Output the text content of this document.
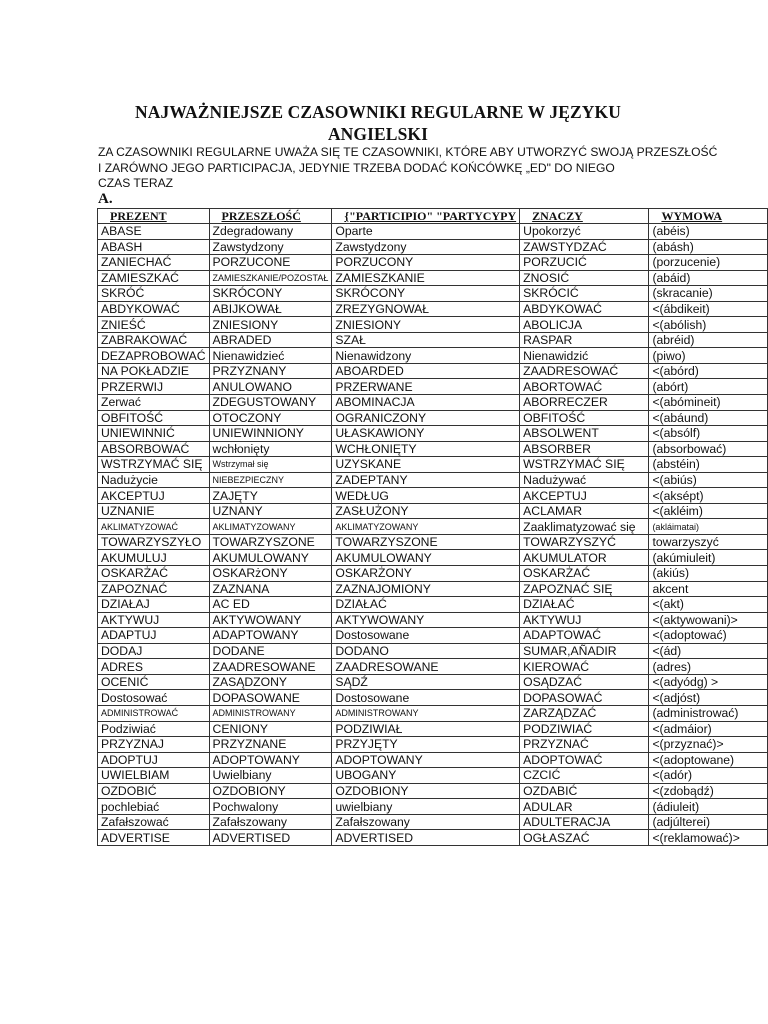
NAJWAŻNIEJSZE CZASOWNIKI REGULARNE W JĘZYKU
ANGIELSKI
ZA CZASOWNIKI REGULARNE UWAŻA SIĘ TE CZASOWNIKI, KTÓRE ABY UTWORZYĆ SWOJĄ PRZESZŁOŚĆ
I ZARÓWNO JEGO PARTICIPACJA, JEDYNIE TRZEBA DODAĆ KOŃCÓWKĘ „ED" DO NIEGO
CZAS TERAZ
A.
PREZENT	PRZESZŁOŚĆ	{"PARTICIPIO" "PARTYCYPY	ZNACZY	WYMOWA
ABASE	Zdegradowany	Oparte	Upokorzyć	(abéis)
ABASH	Zawstydzony	Zawstydzony	ZAWSTYDZAĆ	(abásh)
ZANIECHAĆ	PORZUCONE	PORZUCONY	PORZUCIĆ	(porzucenie)
ZAMIESZKAĆ	ZAMIESZKANIE/POZOSTAŁ	ZAMIESZKANIE	ZNOSIĆ	(abáid)
SKRÓĆ	SKRÓCONY	SKRÓCONY	SKRÓCIĆ	(skracanie)
ABDYKOWAĆ	ABIJKOWAŁ	ZREZYGNOWAŁ	ABDYKOWAĆ	<(ábdikeit)
ZNIEŚĆ	ZNIESIONY	ZNIESIONY	ABOLICJA	<(abólish)
ZABRAKOWAĆ	ABRADED	SZAŁ	RASPAR	(abréid)
DEZAPROBOWAĆ	Nienawidzieć	Nienawidzony	Nienawidzić	(piwo)
NA POKŁADZIE	PRZYZNANY	ABOARDED	ZAADRESOWAĆ	<(abórd)
PRZERWIJ	ANULOWANO	PRZERWANE	ABORTOWAĆ	(abórt)
Zerwać	ZDEGUSTOWANY	ABOMINACJA	ABORRECZER	<(abómineit)
OBFITOŚĆ	OTOCZONY	OGRANICZONY	OBFITOŚĆ	<(abáund)
UNIEWINNIĆ	UNIEWINNIONY	UŁASKAWIONY	ABSOLWENT	<(absólf)
ABSORBOWAĆ	wchłonięty	WCHŁONIĘTY	ABSORBER	(absorbować)
WSTRZYMAĆ SIĘ	Wstrzymał się	UZYSKANE	WSTRZYMAĆ SIĘ	(abstéin)
Nadużycie	NIEBEZPIECZNY	ZADEPTANY	Nadużywać	<(abiús)
AKCEPTUJ	ZAJĘTY	WEDŁUG	AKCEPTUJ	<(aksépt)
UZNANIE	UZNANY	ZASŁUŻONY	ACLAMAR	<(akléim)
AKLIMATYZOWAĆ	AKLIMATYZOWANY	AKLIMATYZOWANY	Zaaklimatyzować się	(akláimatai)
TOWARZYSZYŁO	TOWARZYSZONE	TOWARZYSZONE	TOWARZYSZYĆ	towarzyszyć
AKUMULUJ	AKUMULOWANY	AKUMULOWANY	AKUMULATOR	(akúmiuleit)
OSKARŻAĆ	OSKARżONY	OSKARŻONY	OSKARŻAĆ	(akiús)
ZAPOZNAĆ	ZAZNANA	ZAZNAJOMIONY	ZAPOZNAĆ SIĘ	akcent
DZIAŁAJ	AC ED	DZIAŁAĆ	DZIAŁAĆ	<(akt)
AKTYWUJ	AKTYWOWANY	AKTYWOWANY	AKTYWUJ	<(aktywowani)>
ADAPTUJ	ADAPTOWANY	Dostosowane	ADAPTOWAĆ	<(adoptować)
DODAJ	DODANE	DODANO	SUMAR,AÑADIR	<(ád)
ADRES	ZAADRESOWANE	ZAADRESOWANE	KIEROWAĆ	(adres)
OCENIĆ	ZASĄDZONY	SĄDŹ	OSĄDZAĆ	<(adyódg) >
Dostosować	DOPASOWANE	Dostosowane	DOPASOWAĆ	<(adjóst)
ADMINISTROWAĆ	ADMINISTROWANY	ADMINISTROWANY	ZARZĄDZAĆ	(administrować)
Podziwiać	CENIONY	PODZIWIAŁ	PODZIWIAĆ	<(admáior)
PRZYZNAJ	PRZYZNANE	PRZYJĘTY	PRZYZNAĆ	<(przyznać)>
ADOPTUJ	ADOPTOWANY	ADOPTOWANY	ADOPTOWAĆ	<(adoptowane)
UWIELBIAM	Uwielbiany	UBOGANY	CZCIĆ	<(adór)
OZDOBIĆ	OZDOBIONY	OZDOBIONY	OZDABIĆ	<(zdobądź)
pochlebiać	Pochwalony	uwielbiany	ADULAR	(ádiuleit)
Zafałszować	Zafałszowany	Zafałszowany	ADULTERACJA	(adjúlterei)
ADVERTISE	ADVERTISED	ADVERTISED	OGŁASZAĆ	<(reklamować)>
